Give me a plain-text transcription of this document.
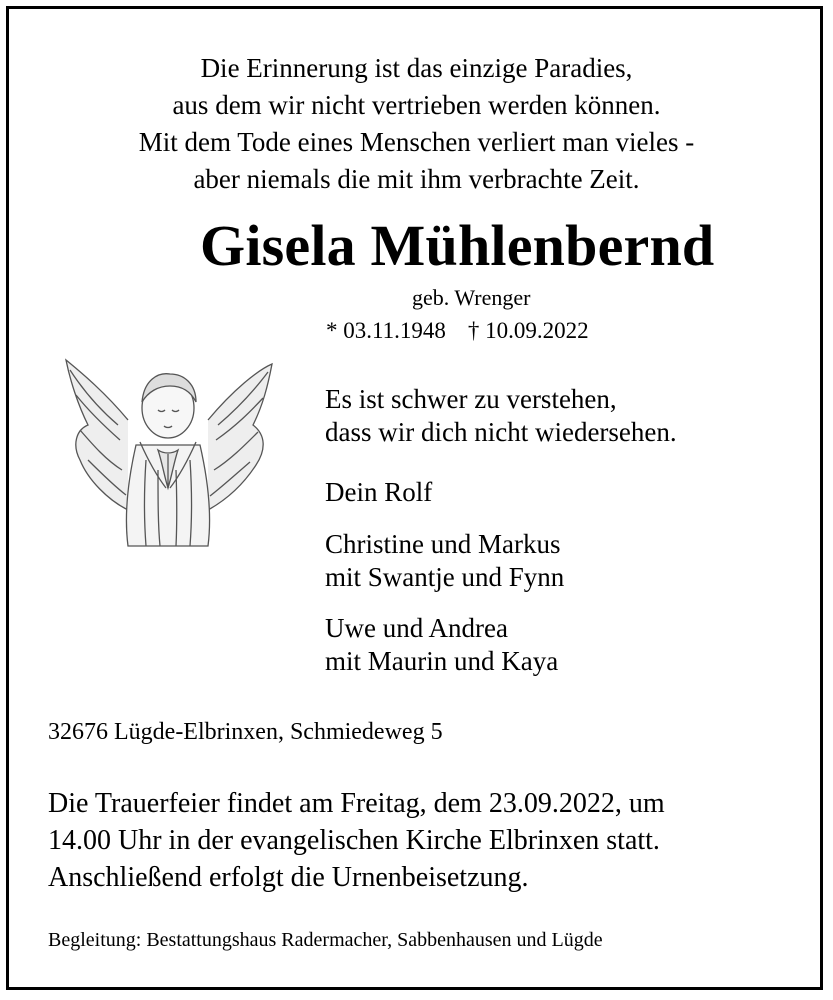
Die Erinnerung ist das einzige Paradies,
aus dem wir nicht vertrieben werden können.
Mit dem Tode eines Menschen verliert man vieles -
aber niemals die mit ihm verbrachte Zeit.
Gisela Mühlenbernd
geb. Wrenger
* 03.11.1948 † 10.09.2022
Es ist schwer zu verstehen,
dass wir dich nicht wiedersehen.
Dein Rolf
Christine und Markus
mit Swantje und Fynn
Uwe und Andrea
mit Maurin und Kaya
32676 Lügde-Elbrinxen, Schmiedeweg 5
Die Trauerfeier findet am Freitag, dem 23.09.2022, um
14.00 Uhr in der evangelischen Kirche Elbrinxen statt.
Anschließend erfolgt die Urnenbeisetzung.
Begleitung: Bestattungshaus Radermacher, Sabbenhausen und Lügde
